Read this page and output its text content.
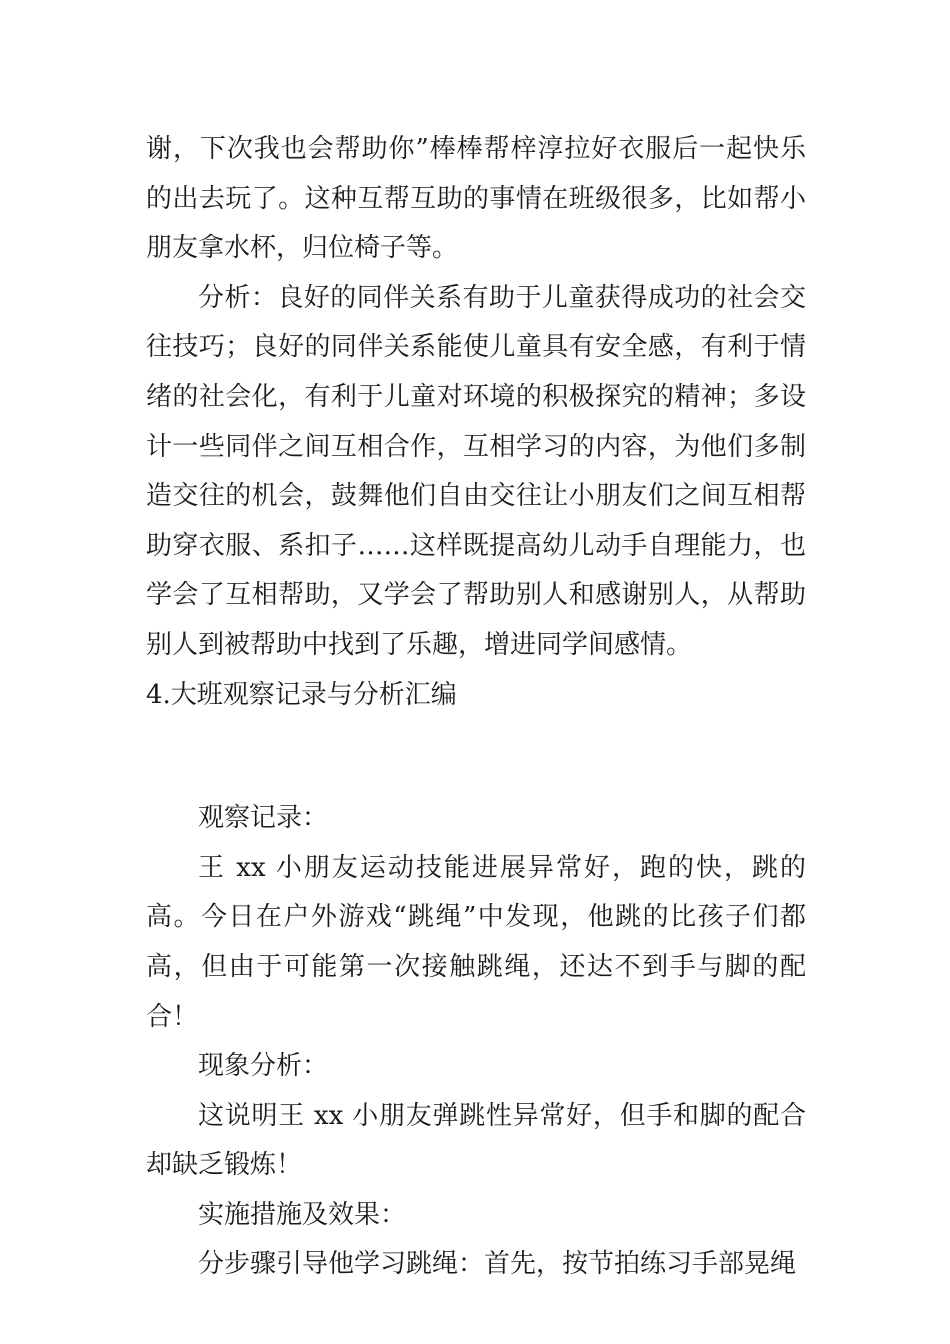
谢，下次我也会帮助你”棒棒帮梓淳拉好衣服后一起快乐的出去玩了。这种互帮互助的事情在班级很多，比如帮小朋友拿水杯，归位椅子等。

分析：良好的同伴关系有助于儿童获得成功的社会交往技巧；良好的同伴关系能使儿童具有安全感，有利于情绪的社会化，有利于儿童对环境的积极探究的精神；多设计一些同伴之间互相合作，互相学习的内容，为他们多制造交往的机会，鼓舞他们自由交往让小朋友们之间互相帮助穿衣服、系扣子……这样既提高幼儿动手自理能力，也学会了互相帮助，又学会了帮助别人和感谢别人，从帮助别人到被帮助中找到了乐趣，增进同学间感情。

4.大班观察记录与分析汇编

观察记录：

王 xx 小朋友运动技能进展异常好，跑的快，跳的高。今日在户外游戏“跳绳”中发现，他跳的比孩子们都高，但由于可能第一次接触跳绳，还达不到手与脚的配合！

现象分析：

这说明王 xx 小朋友弹跳性异常好，但手和脚的配合却缺乏锻炼！

实施措施及效果：

分步骤引导他学习跳绳：首先，按节拍练习手部晃绳
